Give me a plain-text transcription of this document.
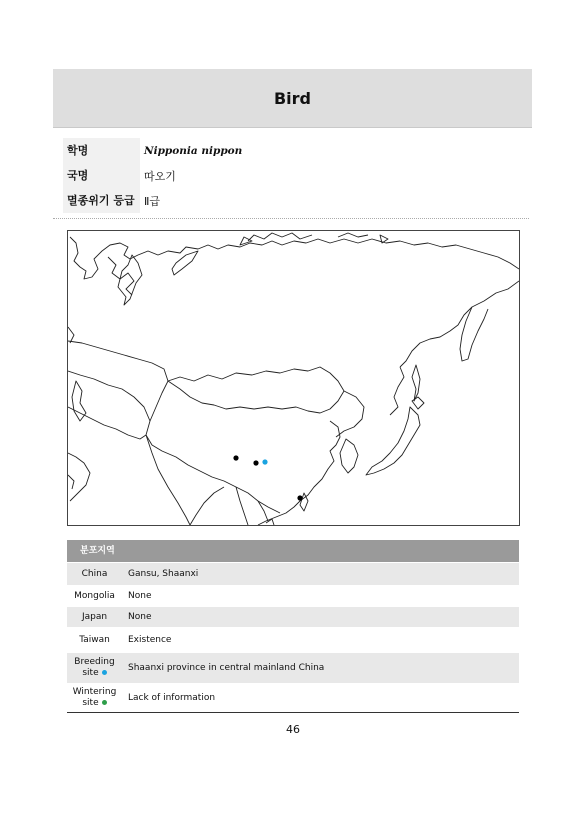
Bird
학명	Nipponia nippon
국명	따오기
멸종위기 등급 Ⅱ급
분포지역
China	Gansu, Shaanxi
Mongolia	None
Japan	None
Taiwan	Existence
Breeding
site	Shaanxi province in central mainland China
Wintering
site	Lack of information
46
